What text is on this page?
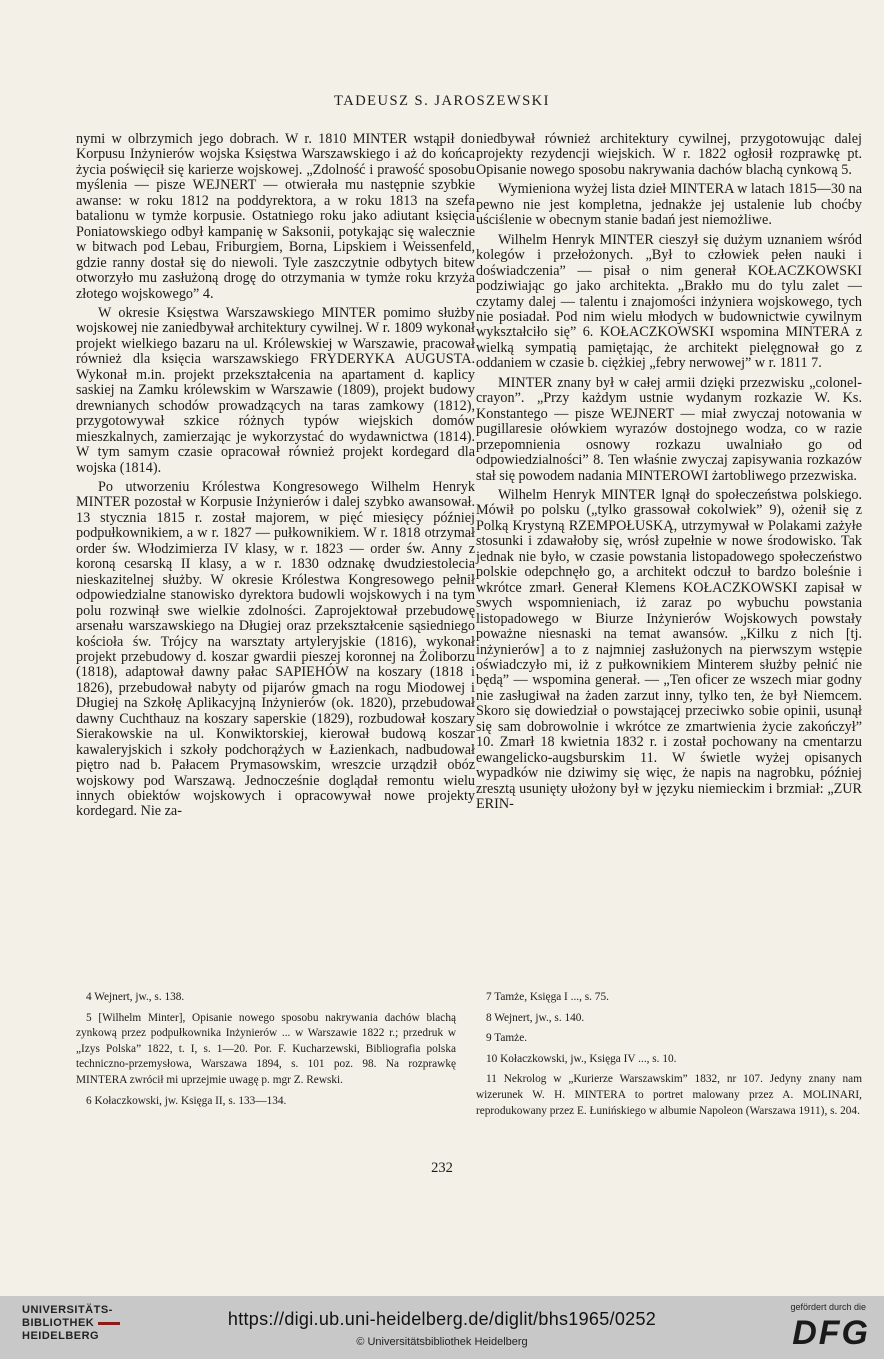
TADEUSZ S. JAROSZEWSKI

nymi w olbrzymich jego dobrach. W r. 1810 MINTER wstąpił do Korpusu Inżynierów wojska Księstwa Warszawskiego i aż do końca życia poświęcił się karierze wojskowej. „Zdolność i prawość sposobu myślenia — pisze WEJNERT — otwierała mu następnie szybkie awanse: w roku 1812 na poddyrektora, a w roku 1813 na szefa batalionu w tymże korpusie. Ostatniego roku jako adiutant księcia Poniatowskiego odbył kampanię w Saksonii, potykając się walecznie w bitwach pod Lebau, Friburgiem, Borna, Lipskiem i Weissenfeld, gdzie ranny dostał się do niewoli. Tyle zaszczytnie odbytych bitew otworzyło mu zasłużoną drogę do otrzymania w tymże roku krzyża złotego wojskowego” 4.

W okresie Księstwa Warszawskiego MINTER pomimo służby wojskowej nie zaniedbywał architektury cywilnej. W r. 1809 wykonał projekt wielkiego bazaru na ul. Królewskiej w Warszawie, pracował również dla księcia warszawskiego FRYDERYKA AUGUSTA. Wykonał m.in. projekt przekształcenia na apartament d. kaplicy saskiej na Zamku królewskim w Warszawie (1809), projekt budowy drewnianych schodów prowadzących na taras zamkowy (1812), przygotowywał szkice różnych typów wiejskich domów mieszkalnych, zamierzając je wykorzystać do wydawnictwa (1814). W tym samym czasie opracował również projekt kordegard dla wojska (1814).

Po utworzeniu Królestwa Kongresowego Wilhelm Henryk MINTER pozostał w Korpusie Inżynierów i dalej szybko awansował. 13 stycznia 1815 r. został majorem, w pięć miesięcy później podpułkownikiem, a w r. 1827 — pułkownikiem. W r. 1818 otrzymał order św. Włodzimierza IV klasy, w r. 1823 — order św. Anny z koroną cesarską II klasy, a w r. 1830 odznakę dwudziestolecia nieskazitelnej służby. W okresie Królestwa Kongresowego pełnił odpowiedzialne stanowisko dyrektora budowli wojskowych i na tym polu rozwinął swe wielkie zdolności. Zaprojektował przebudowę arsenału warszawskiego na Długiej oraz przekształcenie sąsiedniego kościoła św. Trójcy na warsztaty artyleryjskie (1816), wykonał projekt przebudowy d. koszar gwardii pieszej koronnej na Żoliborzu (1818), adaptował dawny pałac SAPIEHÓW na koszary (1818 i 1826), przebudował nabyty od pijarów gmach na rogu Miodowej i Długiej na Szkołę Aplikacyjną Inżynierów (ok. 1820), przebudował dawny Cuchthauz na koszary saperskie (1829), rozbudował koszary Sierakowskie na ul. Konwiktorskiej, kierował budową koszar kawaleryjskich i szkoły podchorążych w Łazienkach, nadbudował piętro nad b. Pałacem Prymasowskim, wreszcie urządził obóz wojskowy pod Warszawą. Jednocześnie doglądał remontu wielu innych obiektów wojskowych i opracowywał nowe projekty kordegard. Nie za-

niedbywał również architektury cywilnej, przygotowując dalej projekty rezydencji wiejskich. W r. 1822 ogłosił rozprawkę pt. Opisanie nowego sposobu nakrywania dachów blachą cynkową 5.

Wymieniona wyżej lista dzieł MINTERA w latach 1815—30 na pewno nie jest kompletna, jednakże jej ustalenie lub choćby uściślenie w obecnym stanie badań jest niemożliwe.

Wilhelm Henryk MINTER cieszył się dużym uznaniem wśród kolegów i przełożonych. „Był to człowiek pełen nauki i doświadczenia” — pisał o nim generał KOŁACZKOWSKI podziwiając go jako architekta. „Brakło mu do tylu zalet — czytamy dalej — talentu i znajomości inżyniera wojskowego, tych nie posiadał. Pod nim wielu młodych w budownictwie cywilnym wykształciło się” 6. KOŁACZKOWSKI wspomina MINTERA z wielką sympatią pamiętając, że architekt pielęgnował go z oddaniem w czasie b. ciężkiej „febry nerwowej” w r. 1811 7.

MINTER znany był w całej armii dzięki przezwisku „colonel-crayon”. „Przy każdym ustnie wydanym rozkazie W. Ks. Konstantego — pisze WEJNERT — miał zwyczaj notowania w pugillaresie ołówkiem wyrazów dostojnego wodza, co w razie przepomnienia osnowy rozkazu uwalniało go od odpowiedzialności” 8. Ten właśnie zwyczaj zapisywania rozkazów stał się powodem nadania MINTEROWI żartobliwego przezwiska.

Wilhelm Henryk MINTER lgnął do społeczeństwa polskiego. Mówił po polsku („tylko grassował cokolwiek” 9), ożenił się z Polką Krystyną RZEMPOŁUSKĄ, utrzymywał w Polakami zażyłe stosunki i zdawałoby się, wrósł zupełnie w nowe środowisko. Tak jednak nie było, w czasie powstania listopadowego społeczeństwo polskie odepchnęło go, a architekt odczuł to bardzo boleśnie i wkrótce zmarł. Generał Klemens KOŁACZKOWSKI zapisał w swych wspomnieniach, iż zaraz po wybuchu powstania listopadowego w Biurze Inżynierów Wojskowych powstały poważne niesnaski na temat awansów. „Kilku z nich [tj. inżynierów] a to z najmniej zasłużonych na pierwszym wstępie oświadczyło mi, iż z pułkownikiem Minterem służby pełnić nie będą” — wspomina generał. — „Ten oficer ze wszech miar godny nie zasługiwał na żaden zarzut inny, tylko ten, że był Niemcem. Skoro się dowiedział o powstającej przeciwko sobie opinii, usunął się sam dobrowolnie i wkrótce ze zmartwienia życie zakończył” 10. Zmarł 18 kwietnia 1832 r. i został pochowany na cmentarzu ewangelicko-augsburskim 11. W świetle wyżej opisanych wypadków nie dziwimy się więc, że napis na nagrobku, później zresztą usunięty ułożony był w języku niemieckim i brzmiał: „ZUR ERIN-

4 Wejnert, jw., s. 138.

5 [Wilhelm Minter], Opisanie nowego sposobu nakrywania dachów blachą zynkową przez podpułkownika Inżynierów ... w Warszawie 1822 r.; przedruk w „Izys Polska” 1822, t. I, s. 1—20. Por. F. Kucharzewski, Bibliografia polska techniczno-przemysłowa, Warszawa 1894, s. 101 poz. 98. Na rozprawkę MINTERA zwrócił mi uprzejmie uwagę p. mgr Z. Rewski.

6 Kołaczkowski, jw. Księga II, s. 133—134.

7 Tamże, Księga I ..., s. 75.

8 Wejnert, jw., s. 140.

9 Tamże.

10 Kołaczkowski, jw., Księga IV ..., s. 10.

11 Nekrolog w „Kurierze Warszawskim” 1832, nr 107. Jedyny znany nam wizerunek W. H. MINTERA to portret malowany przez A. MOLINARI, reprodukowany przez E. Łunińskiego w albumie Napoleon (Warszawa 1911), s. 204.

232
UNIVERSITÄTS-
BIBLIOTHEK
HEIDELBERG
https://digi.ub.uni-heidelberg.de/diglit/bhs1965/0252
© Universitätsbibliothek Heidelberg
gefördert durch die
DFG
